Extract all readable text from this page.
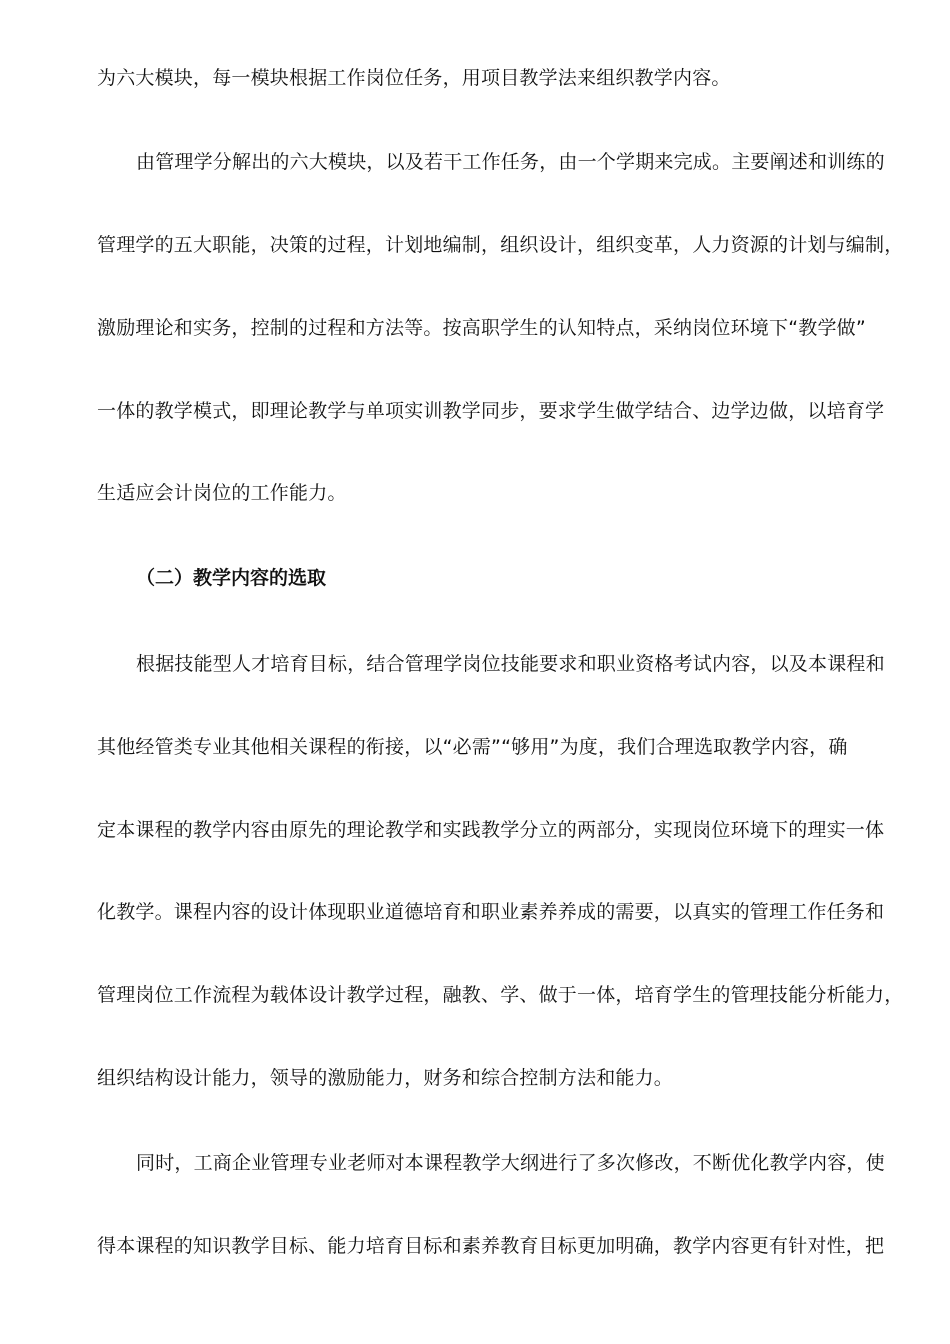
为六大模块，每一模块根据工作岗位任务，用项目教学法来组织教学内容。
由管理学分解出的六大模块，以及若干工作任务，由一个学期来完成。主要阐述和训练的
管理学的五大职能，决策的过程，计划地编制，组织设计，组织变革，人力资源的计划与编制，
激励理论和实务，控制的过程和方法等。按高职学生的认知特点，采纳岗位环境下“教学做”
一体的教学模式，即理论教学与单项实训教学同步，要求学生做学结合、边学边做，以培育学
生适应会计岗位的工作能力。
（二）教学内容的选取
根据技能型人才培育目标，结合管理学岗位技能要求和职业资格考试内容，以及本课程和
其他经管类专业其他相关课程的衔接，以“必需”“够用”为度，我们合理选取教学内容，确
定本课程的教学内容由原先的理论教学和实践教学分立的两部分，实现岗位环境下的理实一体
化教学。课程内容的设计体现职业道德培育和职业素养养成的需要，以真实的管理工作任务和
管理岗位工作流程为载体设计教学过程，融教、学、做于一体，培育学生的管理技能分析能力，
组织结构设计能力，领导的激励能力，财务和综合控制方法和能力。
同时，工商企业管理专业老师对本课程教学大纲进行了多次修改，不断优化教学内容，使
得本课程的知识教学目标、能力培育目标和素养教育目标更加明确，教学内容更有针对性，把
